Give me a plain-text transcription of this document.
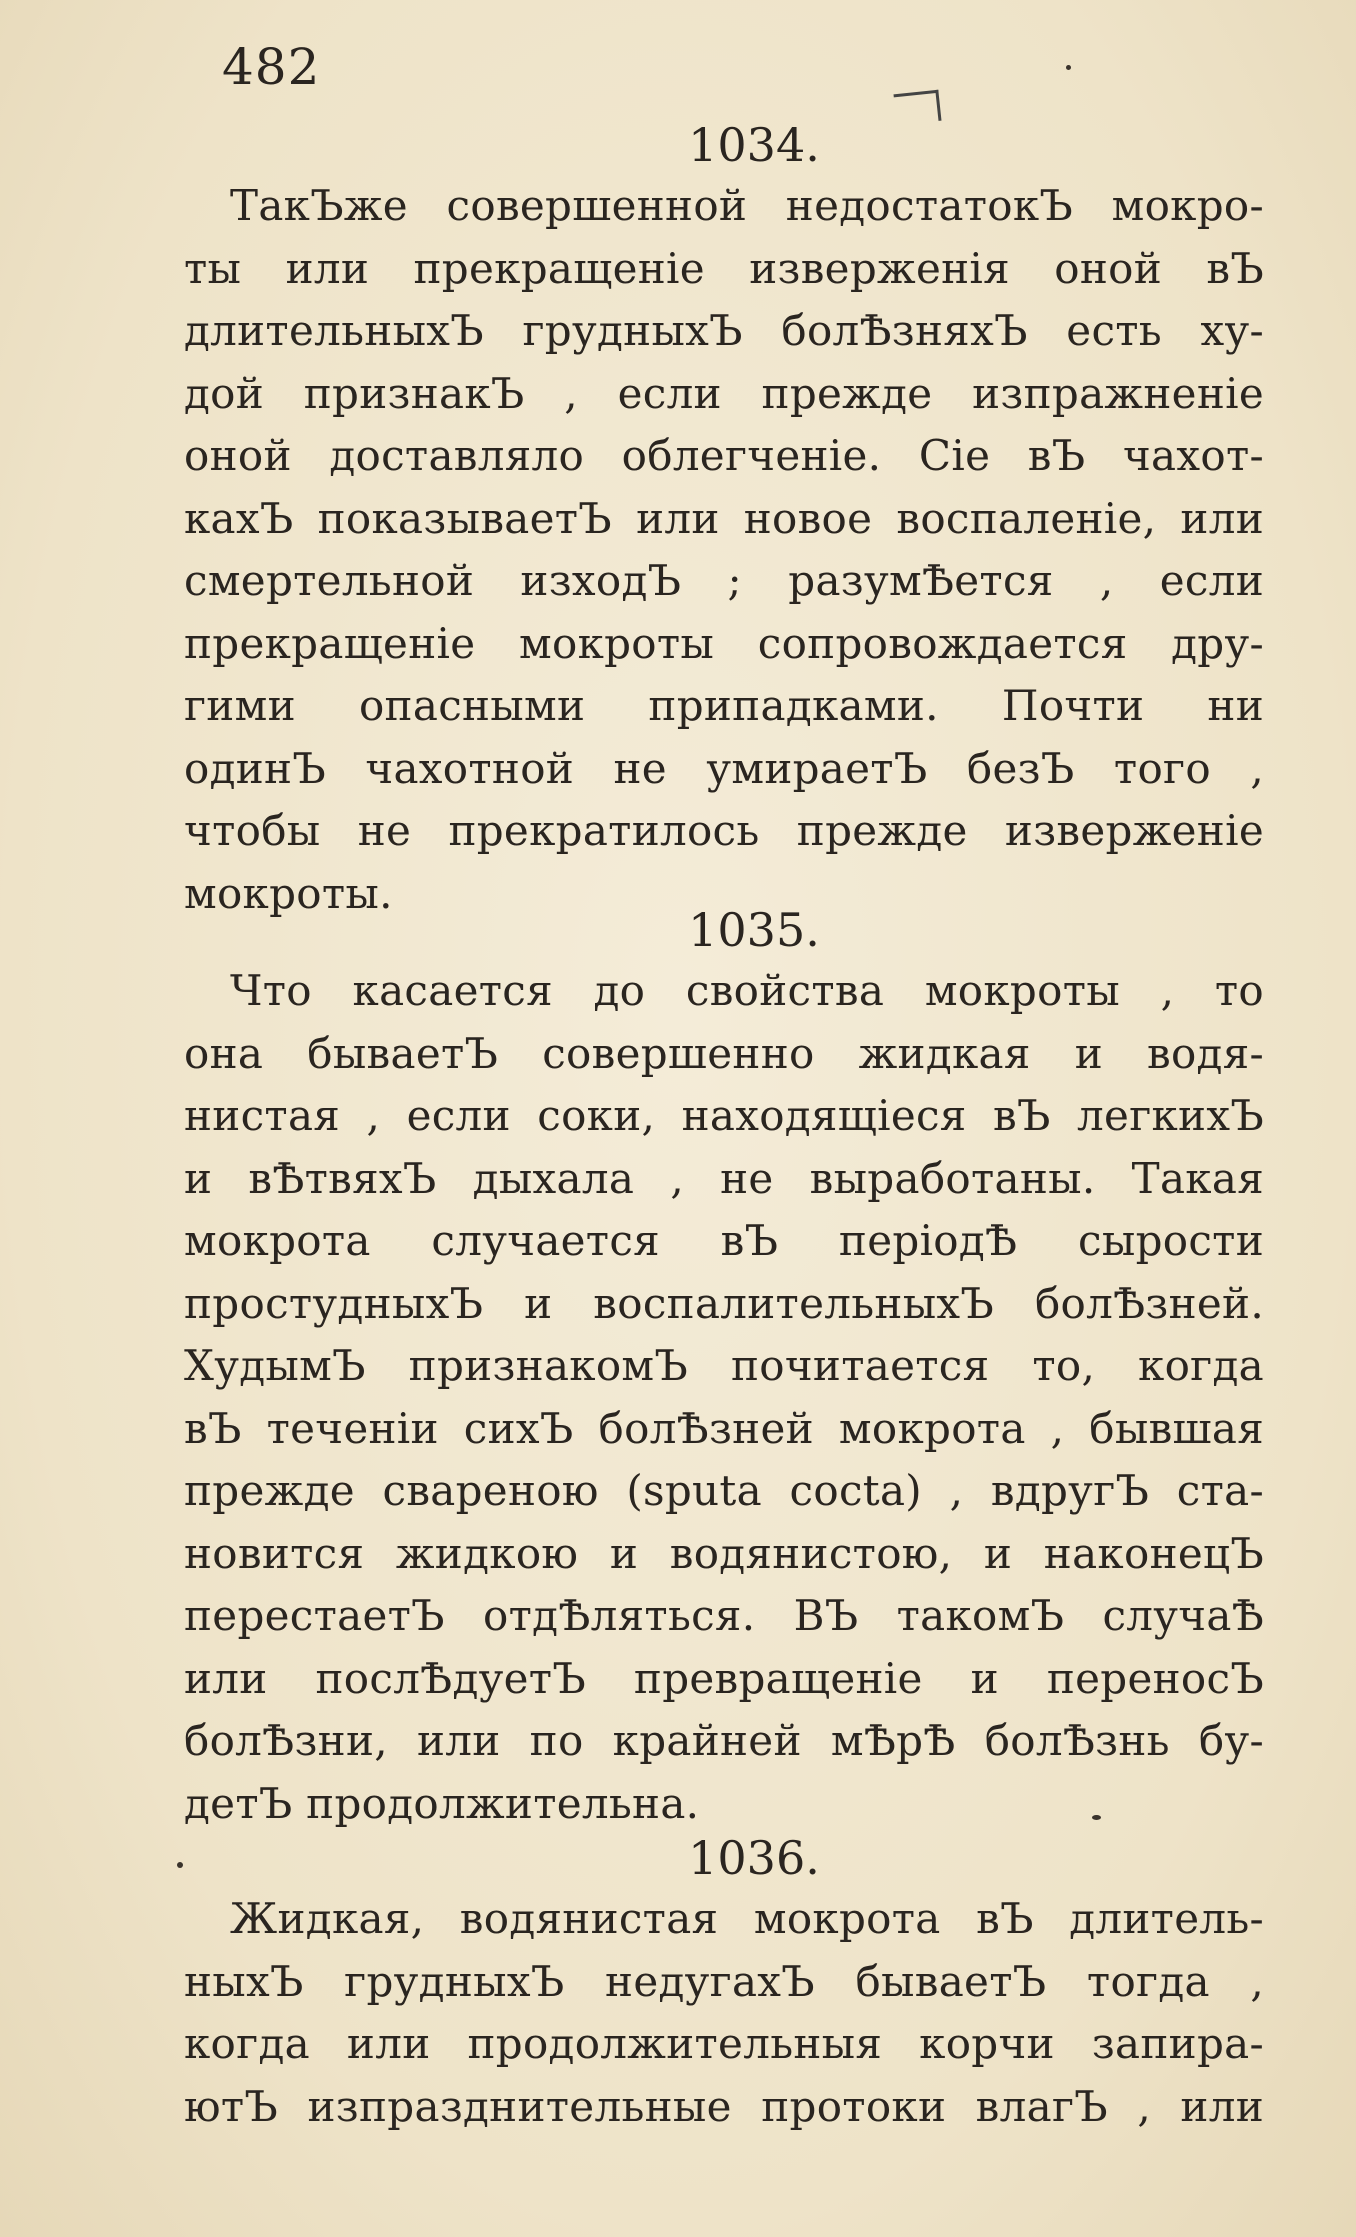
482
1034.
ТакЪже совершенной недостатокЪ мокро-
ты или прекращеніе изверженія оной вЪ
длительныхЪ грудныхЪ болѢзняхЪ есть ху-
дой признакЪ , если прежде изпражненіе
оной доставляло облегченіе. Сіе вЪ чахот-
кахЪ показываетЪ или новое воспаленіе, или
смертельной изходЪ ; разумѢется , если
прекращеніе мокроты сопровождается дру-
гими опасными припадками. Почти ни
одинЪ чахотной не умираетЪ безЪ того ,
чтобы не прекратилось прежде изверженіе
мокроты.
1035.
Что касается до свойства мокроты , то
она бываетЪ совершенно жидкая и водя-
нистая , если соки, находящіеся вЪ легкихЪ
и вѢтвяхЪ дыхала , не выработаны. Такая
мокрота случается вЪ періодѢ сырости
простудныхЪ и воспалительныхЪ болѢзней.
ХудымЪ признакомЪ почитается то, когда
вЪ теченіи сихЪ болѢзней мокрота , бывшая
прежде свареною (sputa cocta) , вдругЪ ста-
новится жидкою и водянистою, и наконецЪ
перестаетЪ отдѢляться. ВЪ такомЪ случаѢ
или послѢдуетЪ превращеніе и переносЪ
болѢзни, или по крайней мѢрѢ болѢзнь бу-
детЪ продолжительна.
1036.
Жидкая, водянистая мокрота вЪ длитель-
ныхЪ грудныхЪ недугахЪ бываетЪ тогда ,
когда или продолжительныя корчи запира-
ютЪ изпразднительные протоки влагЪ , или
